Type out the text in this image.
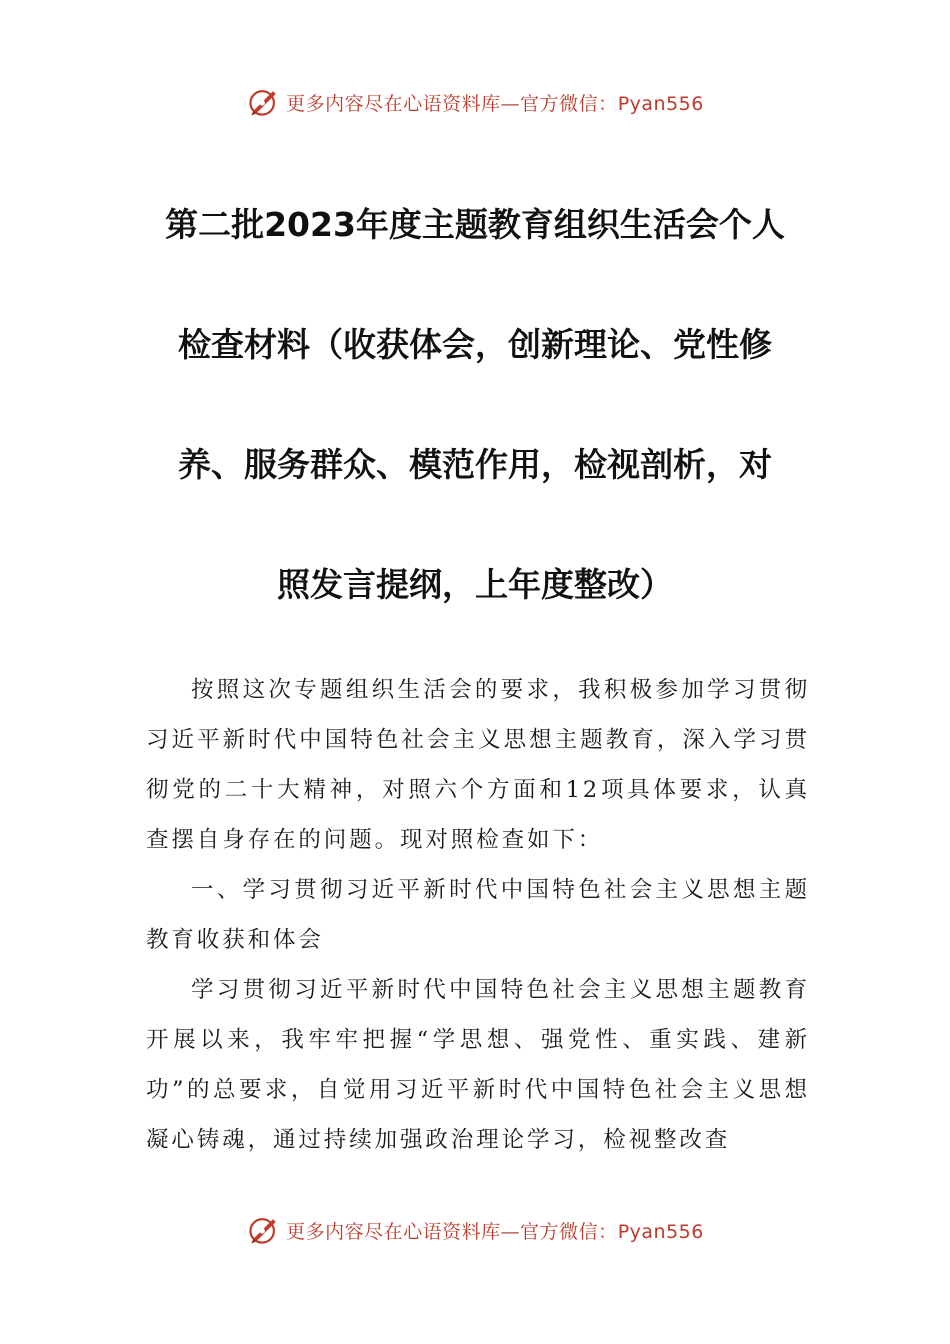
更多内容尽在心语资料库—官方微信：Pyan556
第二批2023年度主题教育组织生活会个人
检查材料（收获体会，创新理论、党性修
养、服务群众、模范作用，检视剖析，对
照发言提纲，上年度整改）

按照这次专题组织生活会的要求，我积极参加学习贯彻习近平新时代中国特色社会主义思想主题教育，深入学习贯彻党的二十大精神，对照六个方面和12项具体要求，认真查摆自身存在的问题。现对照检查如下：

一、学习贯彻习近平新时代中国特色社会主义思想主题教育收获和体会

学习贯彻习近平新时代中国特色社会主义思想主题教育开展以来，我牢牢把握“学思想、强党性、重实践、建新功”的总要求，自觉用习近平新时代中国特色社会主义思想凝心铸魂，通过持续加强政治理论学习，检视整改查

更多内容尽在心语资料库—官方微信：Pyan556
